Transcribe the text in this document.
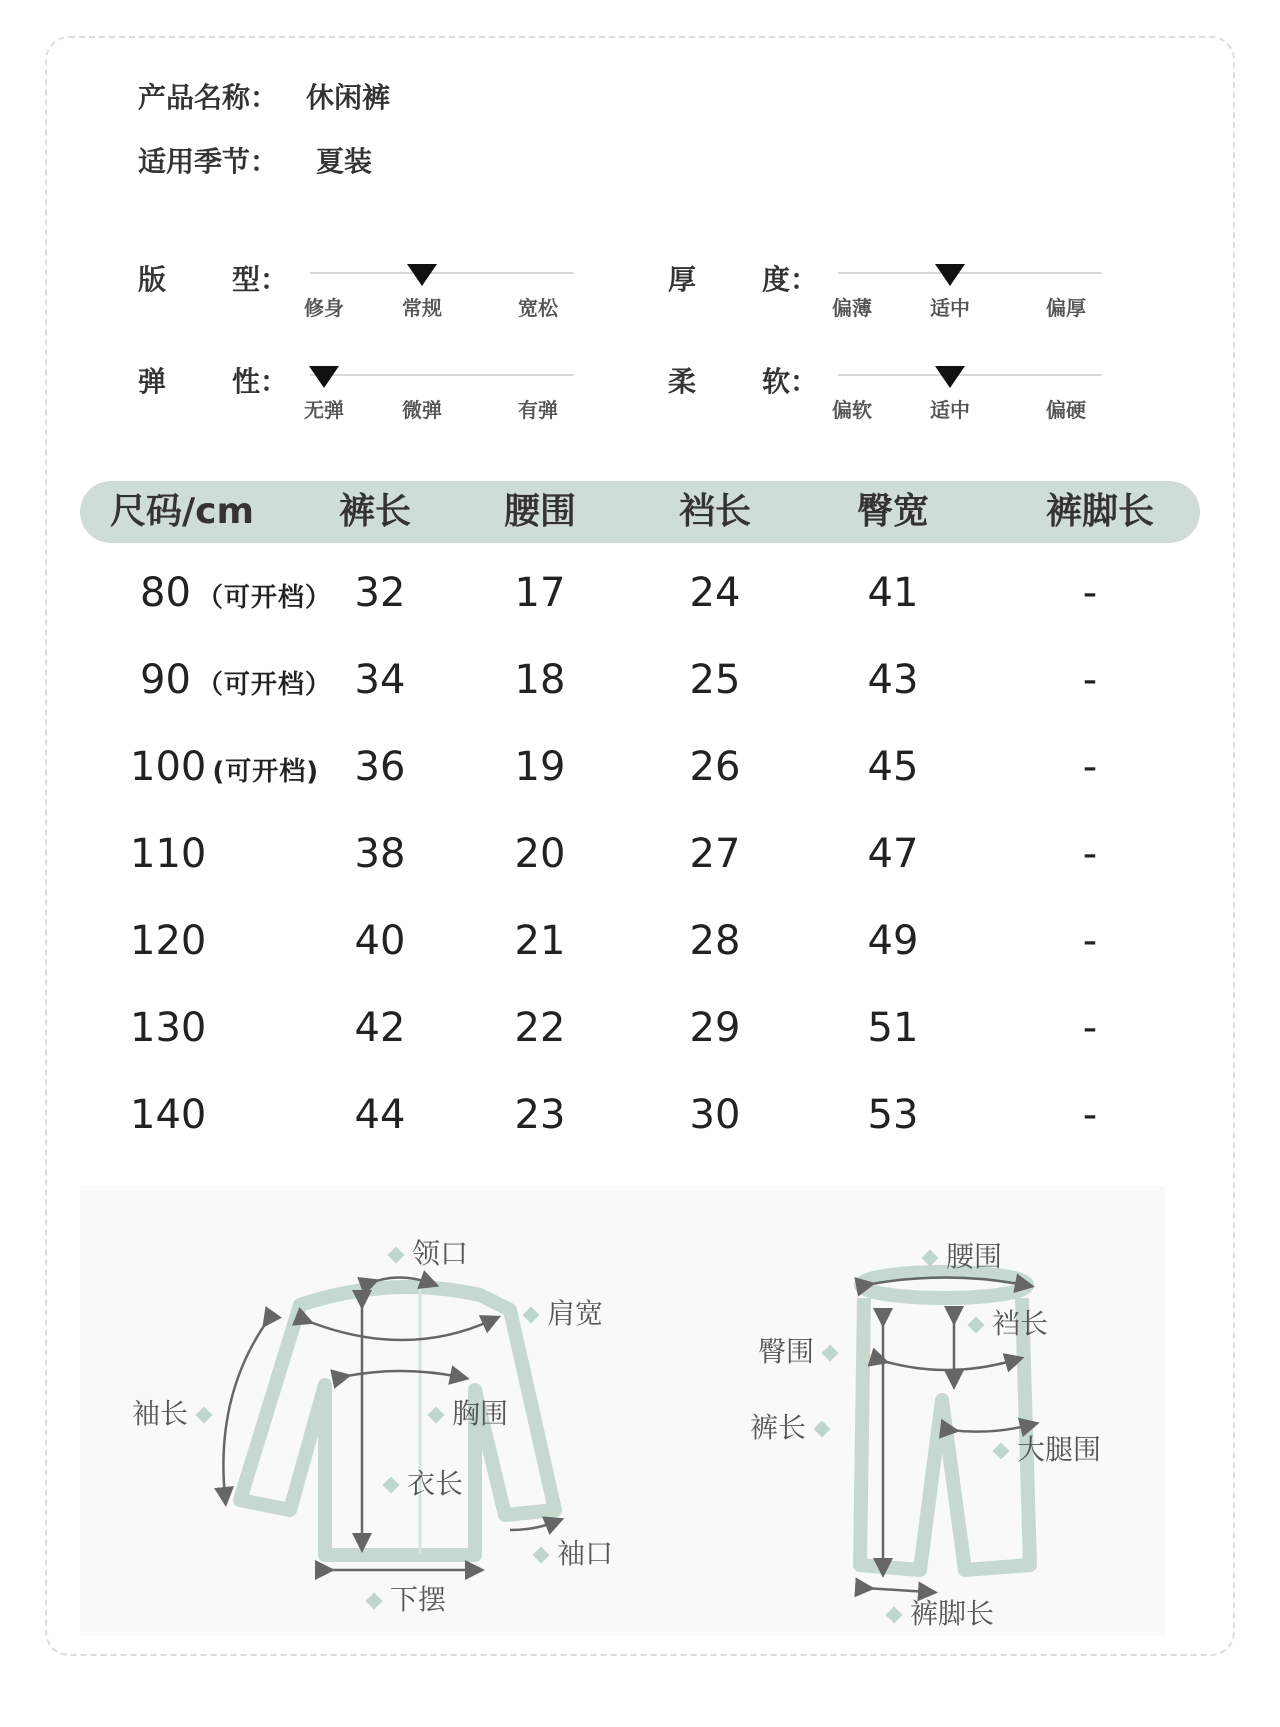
产品名称： 休闲裤
适用季节： 夏装
版 型：
修身	常规	宽松
厚 度：
偏薄	适中	偏厚
弹 性：
无弹	微弹	有弹
柔 软：
偏软	适中	偏硬
尺码/cm	裤长	腰围	裆长	臀宽	裤脚长
80 （可开档） 32	17	24	41	-
90 （可开档） 34	18	25	43	-
100 (可开档) 36	19	26	45	-
110	38	20	27	47	-
120	40	21	28	49	-
130	42	22	29	51	-
140	44	23	30	53	-
领口
肩宽
袖长	胸围
衣长
袖口
下摆
腰围
裆长
臀围
裤长
大腿围
裤脚长
